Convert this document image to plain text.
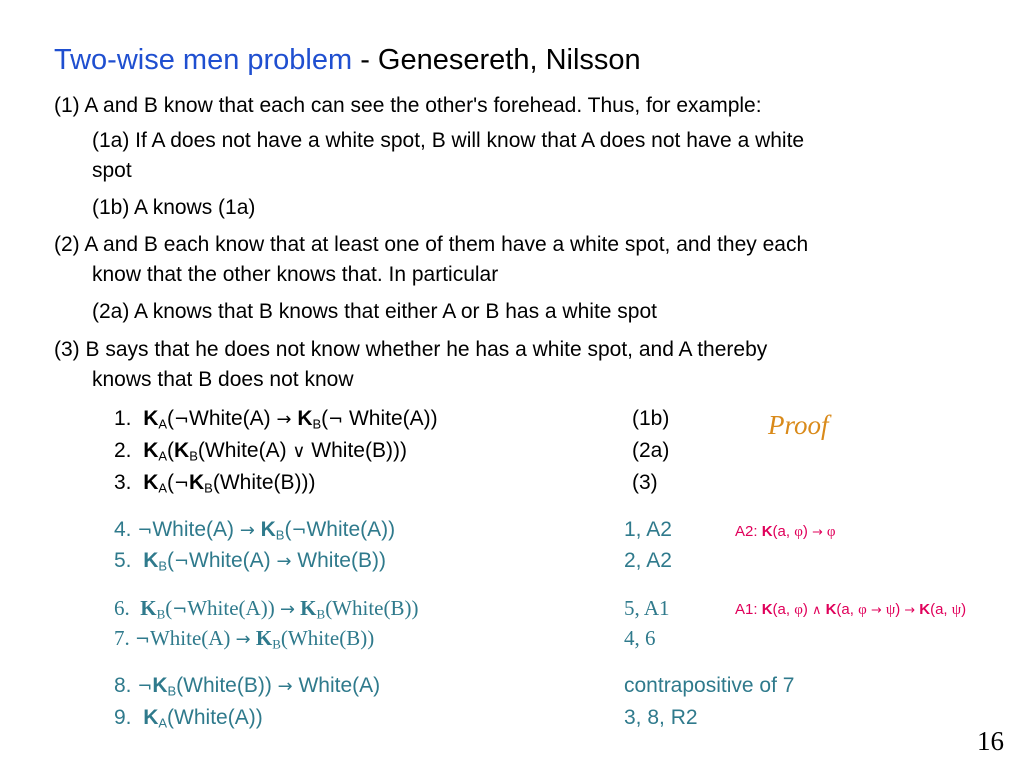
Two-wise men problem - Genesereth, Nilsson
(1) A and B know that each can see the other's forehead. Thus, for example:
(1a) If A does not have a white spot, B will know that A does not have a white
spot
(1b) A knows (1a)
(2) A and B each know that at least one of them have a white spot, and they each
know that the other knows that. In particular
(2a) A knows that B knows that either A or B has a white spot
(3) B says that he does not know whether he has a white spot, and A thereby
knows that B does not know
Proof
1. $K_A(\neg White(A)$ → $K_B(\neg$ White(A))	(1b)
2. $K_A(K_B(White(A)$ ∨ White(B)))	(2a)
3. $K_A(\neg K_B(White(B)))$	(3)
4. ¬White(A) → $K_B(\neg White(A))$	1, A2	A2: K(a, φ) → φ
5. $K_B(\neg White(A)$ → White(B))	2, A2
6. $K_B(\neg White(A))$ → $K_B(White(B))$	5, A1	A1: K(a, φ) ∧ K(a, φ → ψ) → K(a, ψ)
7. ¬White(A) → $K_B(White(B))$	4, 6
8. $\neg K_B(White(B))$ → White(A)	contrapositive of 7
9. $K_A(White(A))$	3, 8, R2
16
